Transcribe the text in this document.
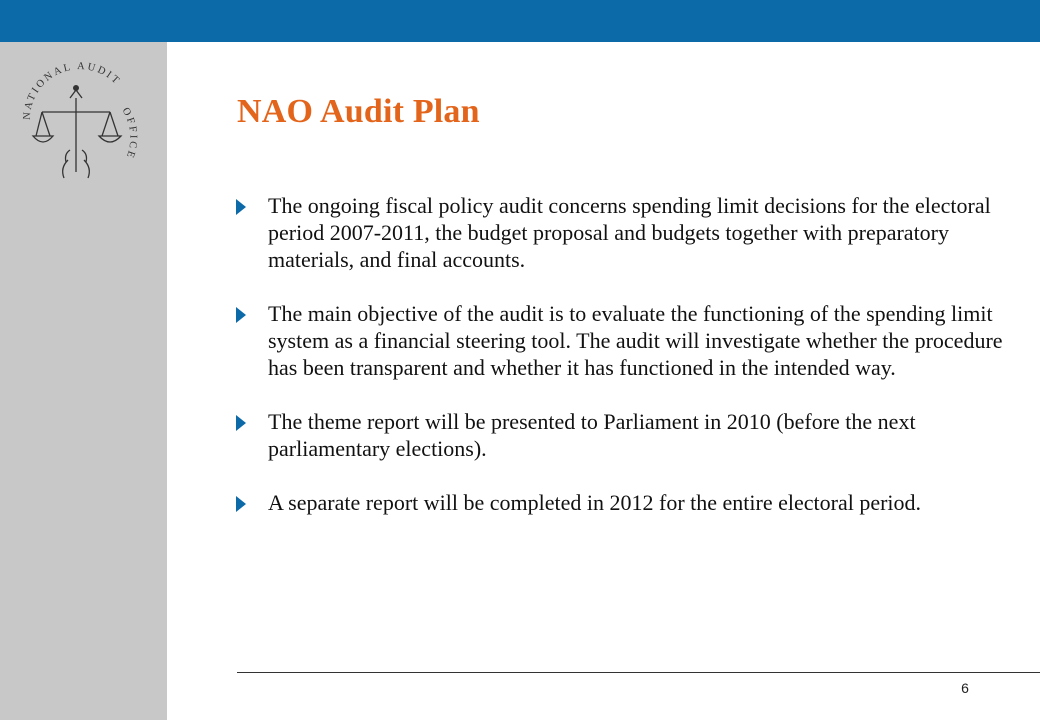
NATIONAL AUDIT
OFFICE
NAO Audit Plan
The ongoing fiscal policy audit concerns spending limit decisions for the electoral period 2007-2011, the budget proposal and budgets together with preparatory materials, and final accounts.
The main objective of the audit is to evaluate the functioning of the spending limit system as a financial steering tool. The audit will investigate whether the procedure has been transparent and whether it has functioned in the intended way.
The theme report will be presented to Parliament in 2010 (before the next parliamentary elections).
A separate report will be completed in 2012 for the entire electoral period.
6
